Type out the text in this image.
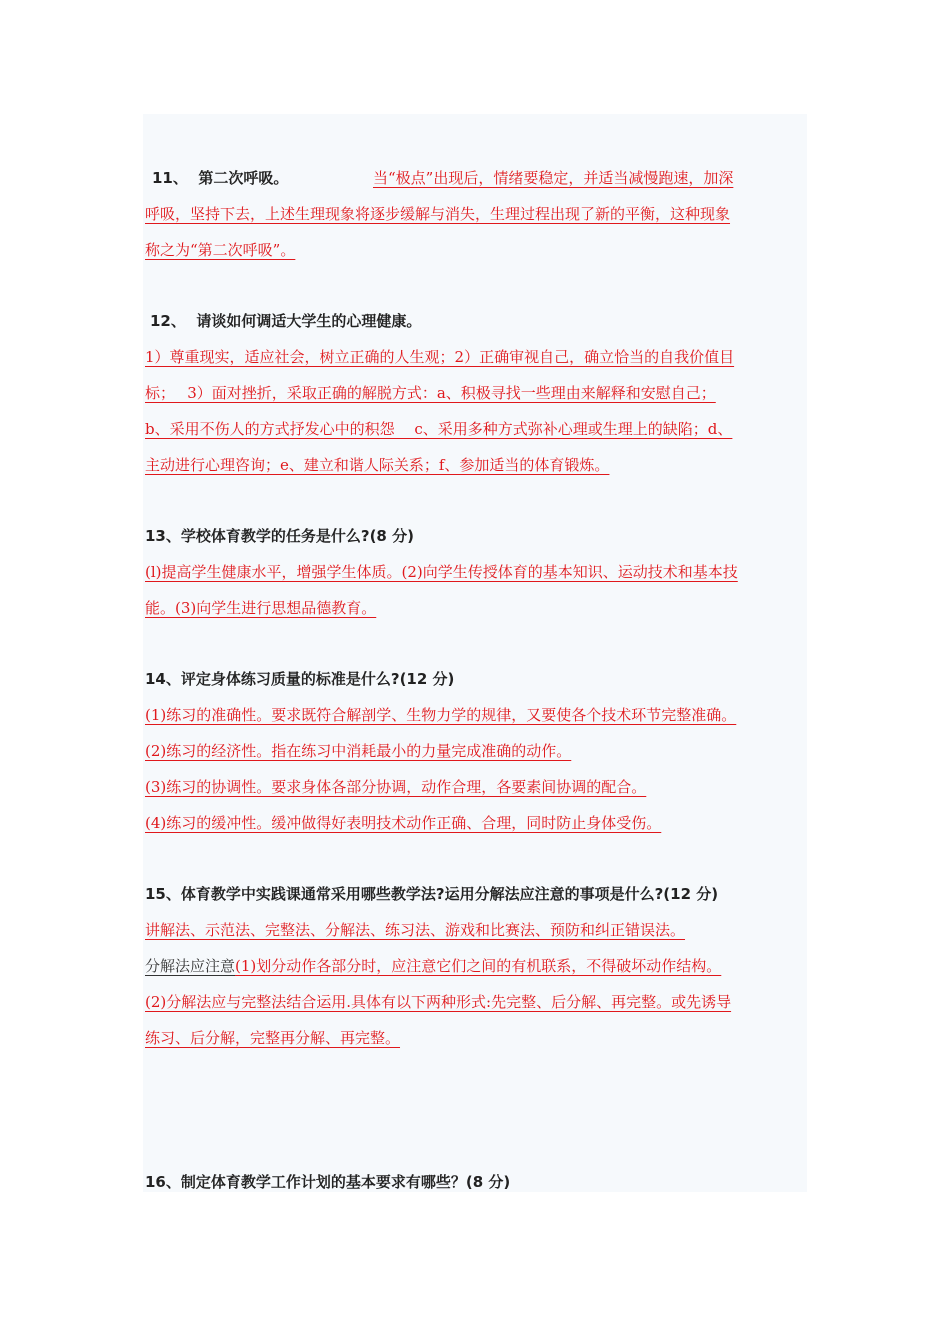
11、 第二次呼吸。	当“极点”出现后，情绪要稳定，并适当减慢跑速，加深
呼吸，坚持下去，上述生理现象将逐步缓解与消失，生理过程出现了新的平衡，这种现象
称之为“第二次呼吸”。
12、 请谈如何调适大学生的心理健康。
1）尊重现实，适应社会，树立正确的人生观；2）正确审视自己，确立恰当的自我价值目
标；　 3）面对挫折，采取正确的解脱方式：a、积极寻找一些理由来解释和安慰自己；
b、采用不伤人的方式抒发心中的积怨　 c、采用多种方式弥补心理或生理上的缺陷；d、
主动进行心理咨询；e、建立和谐人际关系；f、参加适当的体育锻炼。
13、学校体育教学的任务是什么?(8 分)
(l)提高学生健康水平，增强学生体质。(2)向学生传授体育的基本知识、运动技术和基本技
能。(3)向学生进行思想品德教育。
14、评定身体练习质量的标准是什么?(12 分)
(1)练习的准确性。要求既符合解剖学、生物力学的规律，又要使各个技术环节完整准确。
(2)练习的经济性。指在练习中消耗最小的力量完成准确的动作。
(3)练习的协调性。要求身体各部分协调，动作合理，各要素间协调的配合。
(4)练习的缓冲性。缓冲做得好表明技术动作正确、合理，同时防止身体受伤。
15、体育教学中实践课通常采用哪些教学法?运用分解法应注意的事项是什么?(12 分)
讲解法、示范法、完整法、分解法、练习法、游戏和比赛法、预防和纠正错误法。
分解法应注意(1)划分动作各部分时，应注意它们之间的有机联系，不得破坏动作结构。
(2)分解法应与完整法结合运用.具体有以下两种形式:先完整、后分解、再完整。或先诱导
练习、后分解，完整再分解、再完整。
16、制定体育教学工作计划的基本要求有哪些？(8 分)
